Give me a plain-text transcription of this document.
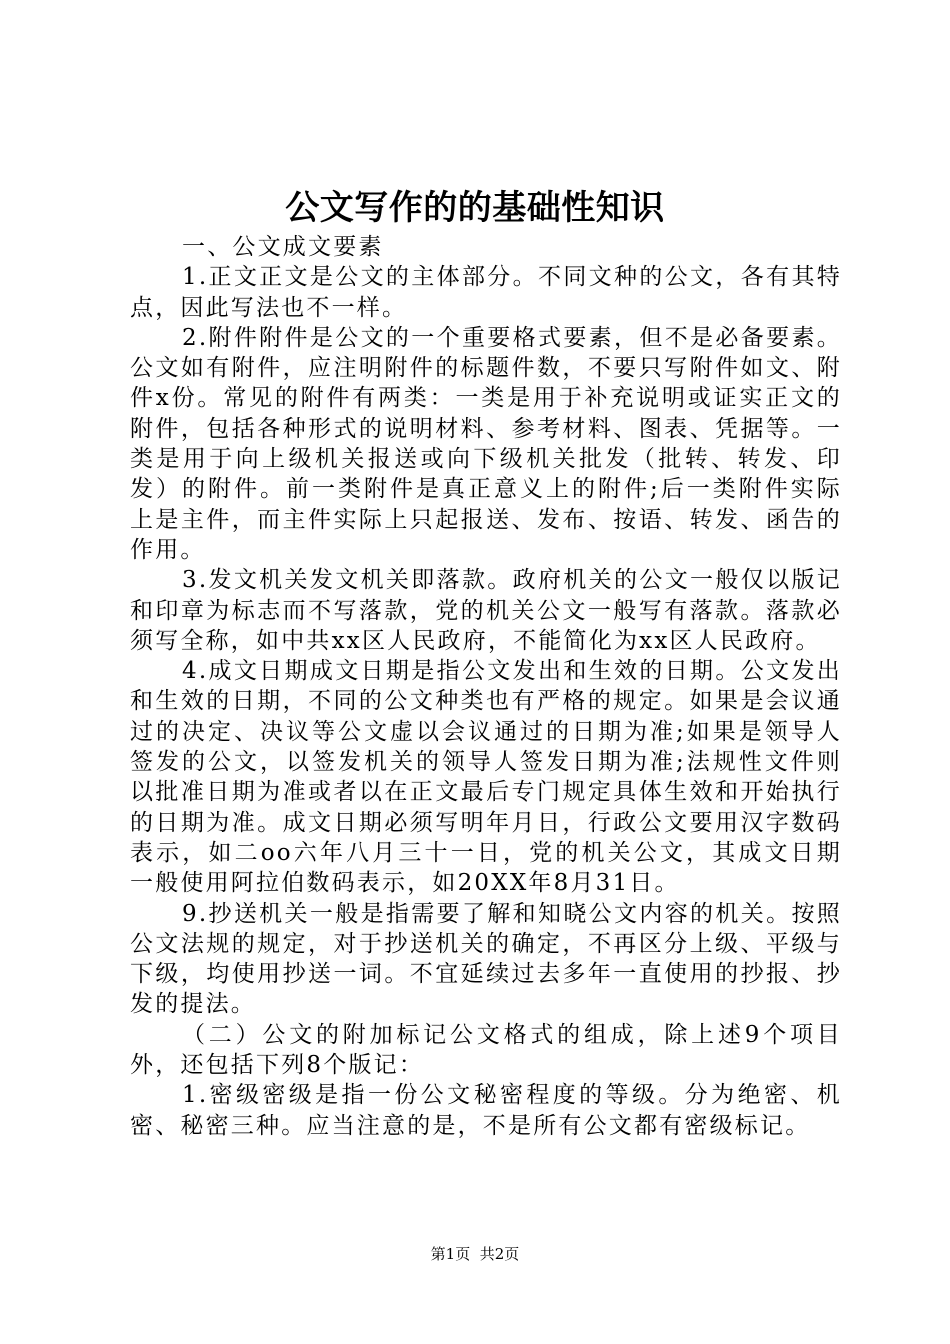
公文写作的的基础性知识

一、公文成文要素

1.正文正文是公文的主体部分。不同文种的公文，各有其特点，因此写法也不一样。

2.附件附件是公文的一个重要格式要素，但不是必备要素。公文如有附件，应注明附件的标题件数，不要只写附件如文、附件x份。常见的附件有两类：一类是用于补充说明或证实正文的附件，包括各种形式的说明材料、参考材料、图表、凭据等。一类是用于向上级机关报送或向下级机关批发（批转、转发、印发）的附件。前一类附件是真正意义上的附件;后一类附件实际上是主件，而主件实际上只起报送、发布、按语、转发、函告的作用。

3.发文机关发文机关即落款。政府机关的公文一般仅以版记和印章为标志而不写落款，党的机关公文一般写有落款。落款必须写全称，如中共xx区人民政府，不能简化为xx区人民政府。

4.成文日期成文日期是指公文发出和生效的日期。公文发出和生效的日期，不同的公文种类也有严格的规定。如果是会议通过的决定、决议等公文虚以会议通过的日期为准;如果是领导人签发的公文，以签发机关的领导人签发日期为准;法规性文件则以批准日期为准或者以在正文最后专门规定具体生效和开始执行的日期为准。成文日期必须写明年月日，行政公文要用汉字数码表示，如二oo六年八月三十一日，党的机关公文，其成文日期一般使用阿拉伯数码表示，如20XX年8月31日。

9.抄送机关一般是指需要了解和知晓公文内容的机关。按照公文法规的规定，对于抄送机关的确定，不再区分上级、平级与下级，均使用抄送一词。不宜延续过去多年一直使用的抄报、抄发的提法。

（二）公文的附加标记公文格式的组成，除上述9个项目外，还包括下列8个版记：

1.密级密级是指一份公文秘密程度的等级。分为绝密、机密、秘密三种。应当注意的是，不是所有公文都有密级标记。

第1页 共2页
